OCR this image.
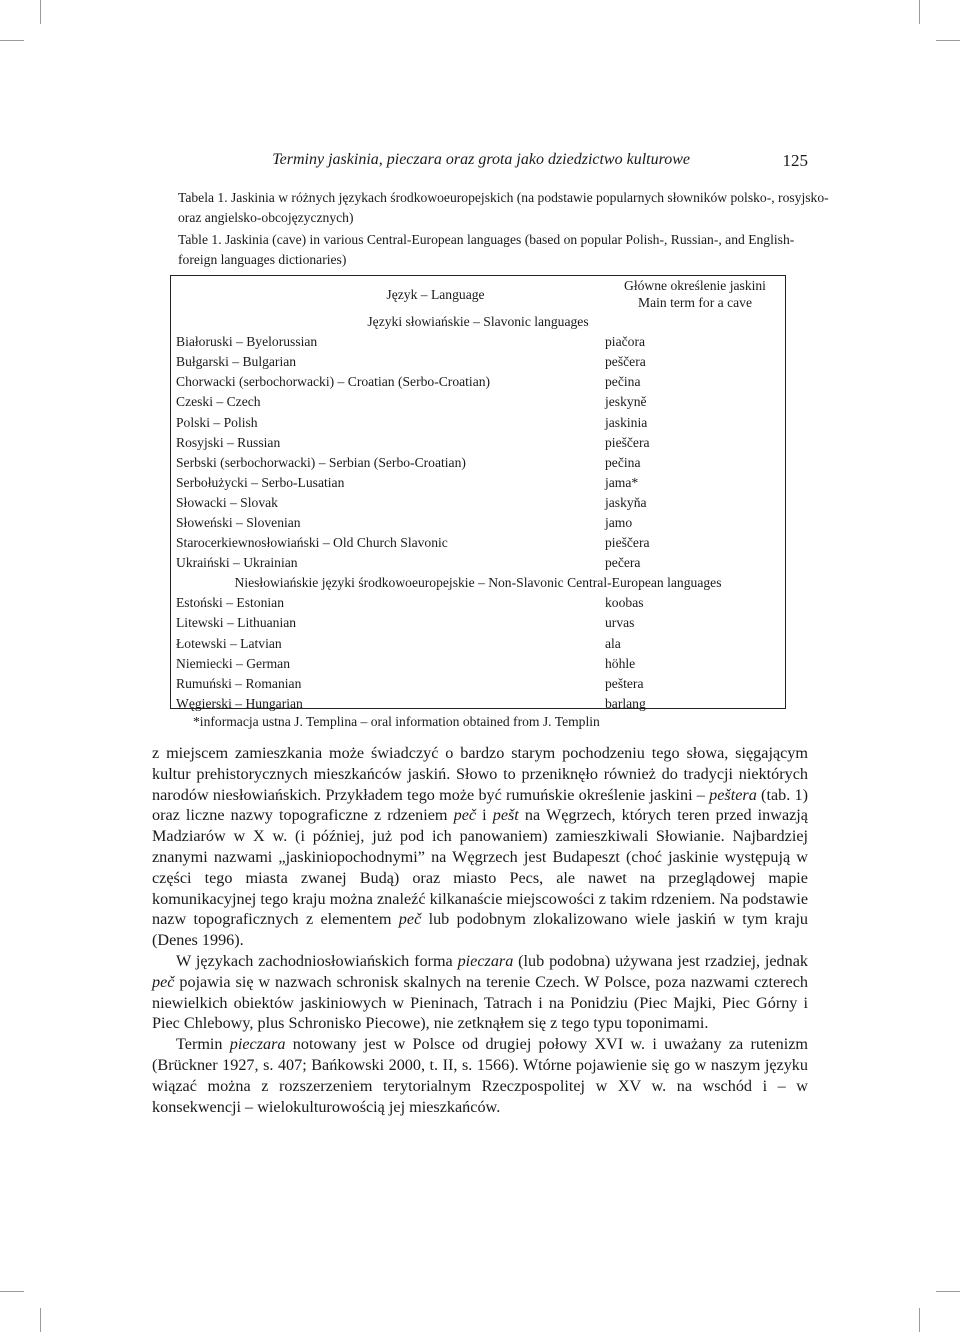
Terminy jaskinia, pieczara oraz grota jako dziedzictwo kulturowe	125

Tabela 1. Jaskinia w różnych językach środkowoeuropejskich (na podstawie popularnych słowników polsko-, rosyjsko- oraz angielsko-obcojęzycznych)

Table 1. Jaskinia (cave) in various Central-European languages (based on popular Polish-, Russian-, and English- foreign languages dictionaries)

Język – Language	Główne określenie jaskini
Main term for a cave
Języki słowiańskie – Slavonic languages	
Białoruski – Byelorussian	piačora
Bułgarski – Bulgarian	peščera
Chorwacki (serbochorwacki) – Croatian (Serbo-Croatian)	pečina
Czeski – Czech	jeskyně
Polski – Polish	jaskinia
Rosyjski – Russian	pieščera
Serbski (serbochorwacki) – Serbian (Serbo-Croatian)	pečina
Serbołużycki – Serbo-Lusatian	jama*
Słowacki – Slovak	jaskyňa
Słoweński – Slovenian	jamo
Starocerkiewnosłowiański – Old Church Slavonic	pieščera
Ukraiński – Ukrainian	pečera
Niesłowiańskie języki środkowoeuropejskie – Non-Slavonic Central-European languages	
Estoński – Estonian	koobas
Litewski – Lithuanian	urvas
Łotewski – Latvian	ala
Niemiecki – German	höhle
Rumuński – Romanian	peštera
Węgierski – Hungarian	barlang
*informacja ustna J. Templina – oral information obtained from J. Templin

z miejscem zamieszkania może świadczyć o bardzo starym pochodzeniu tego słowa, sięgającym kultur prehistorycznych mieszkańców jaskiń. Słowo to przeniknęło również do tradycji niektórych narodów niesłowiańskich. Przykładem tego może być rumuńskie określenie jaskini – peštera (tab. 1) oraz liczne nazwy topograficzne z rdzeniem peč i pešt na Węgrzech, których teren przed inwazją Madziarów w X w. (i później, już pod ich panowaniem) zamieszkiwali Słowianie. Najbardziej znanymi nazwami „jaskiniopochodnymi” na Węgrzech jest Budapeszt (choć jaskinie występują w części tego miasta zwanej Budą) oraz miasto Pecs, ale nawet na przeglądowej mapie komunikacyjnej tego kraju można znaleźć kilkanaście miejscowości z takim rdzeniem. Na podstawie nazw topograficznych z elementem peč lub podobnym zlokalizowano wiele jaskiń w tym kraju (Denes 1996).

W językach zachodniosłowiańskich forma pieczara (lub podobna) używana jest rzadziej, jednak peč pojawia się w nazwach schronisk skalnych na terenie Czech. W Polsce, poza nazwami czterech niewielkich obiektów jaskiniowych w Pieninach, Tatrach i na Ponidziu (Piec Majki, Piec Górny i Piec Chlebowy, plus Schronisko Piecowe), nie zetknąłem się z tego typu toponimami.

Termin pieczara notowany jest w Polsce od drugiej połowy XVI w. i uważany za rutenizm (Brückner 1927, s. 407; Bańkowski 2000, t. II, s. 1566). Wtórne pojawienie się go w naszym języku wiązać można z rozszerzeniem terytorialnym Rzeczpospolitej w XV w. na wschód i – w konsekwencji – wielokulturowością jej mieszkańców.
